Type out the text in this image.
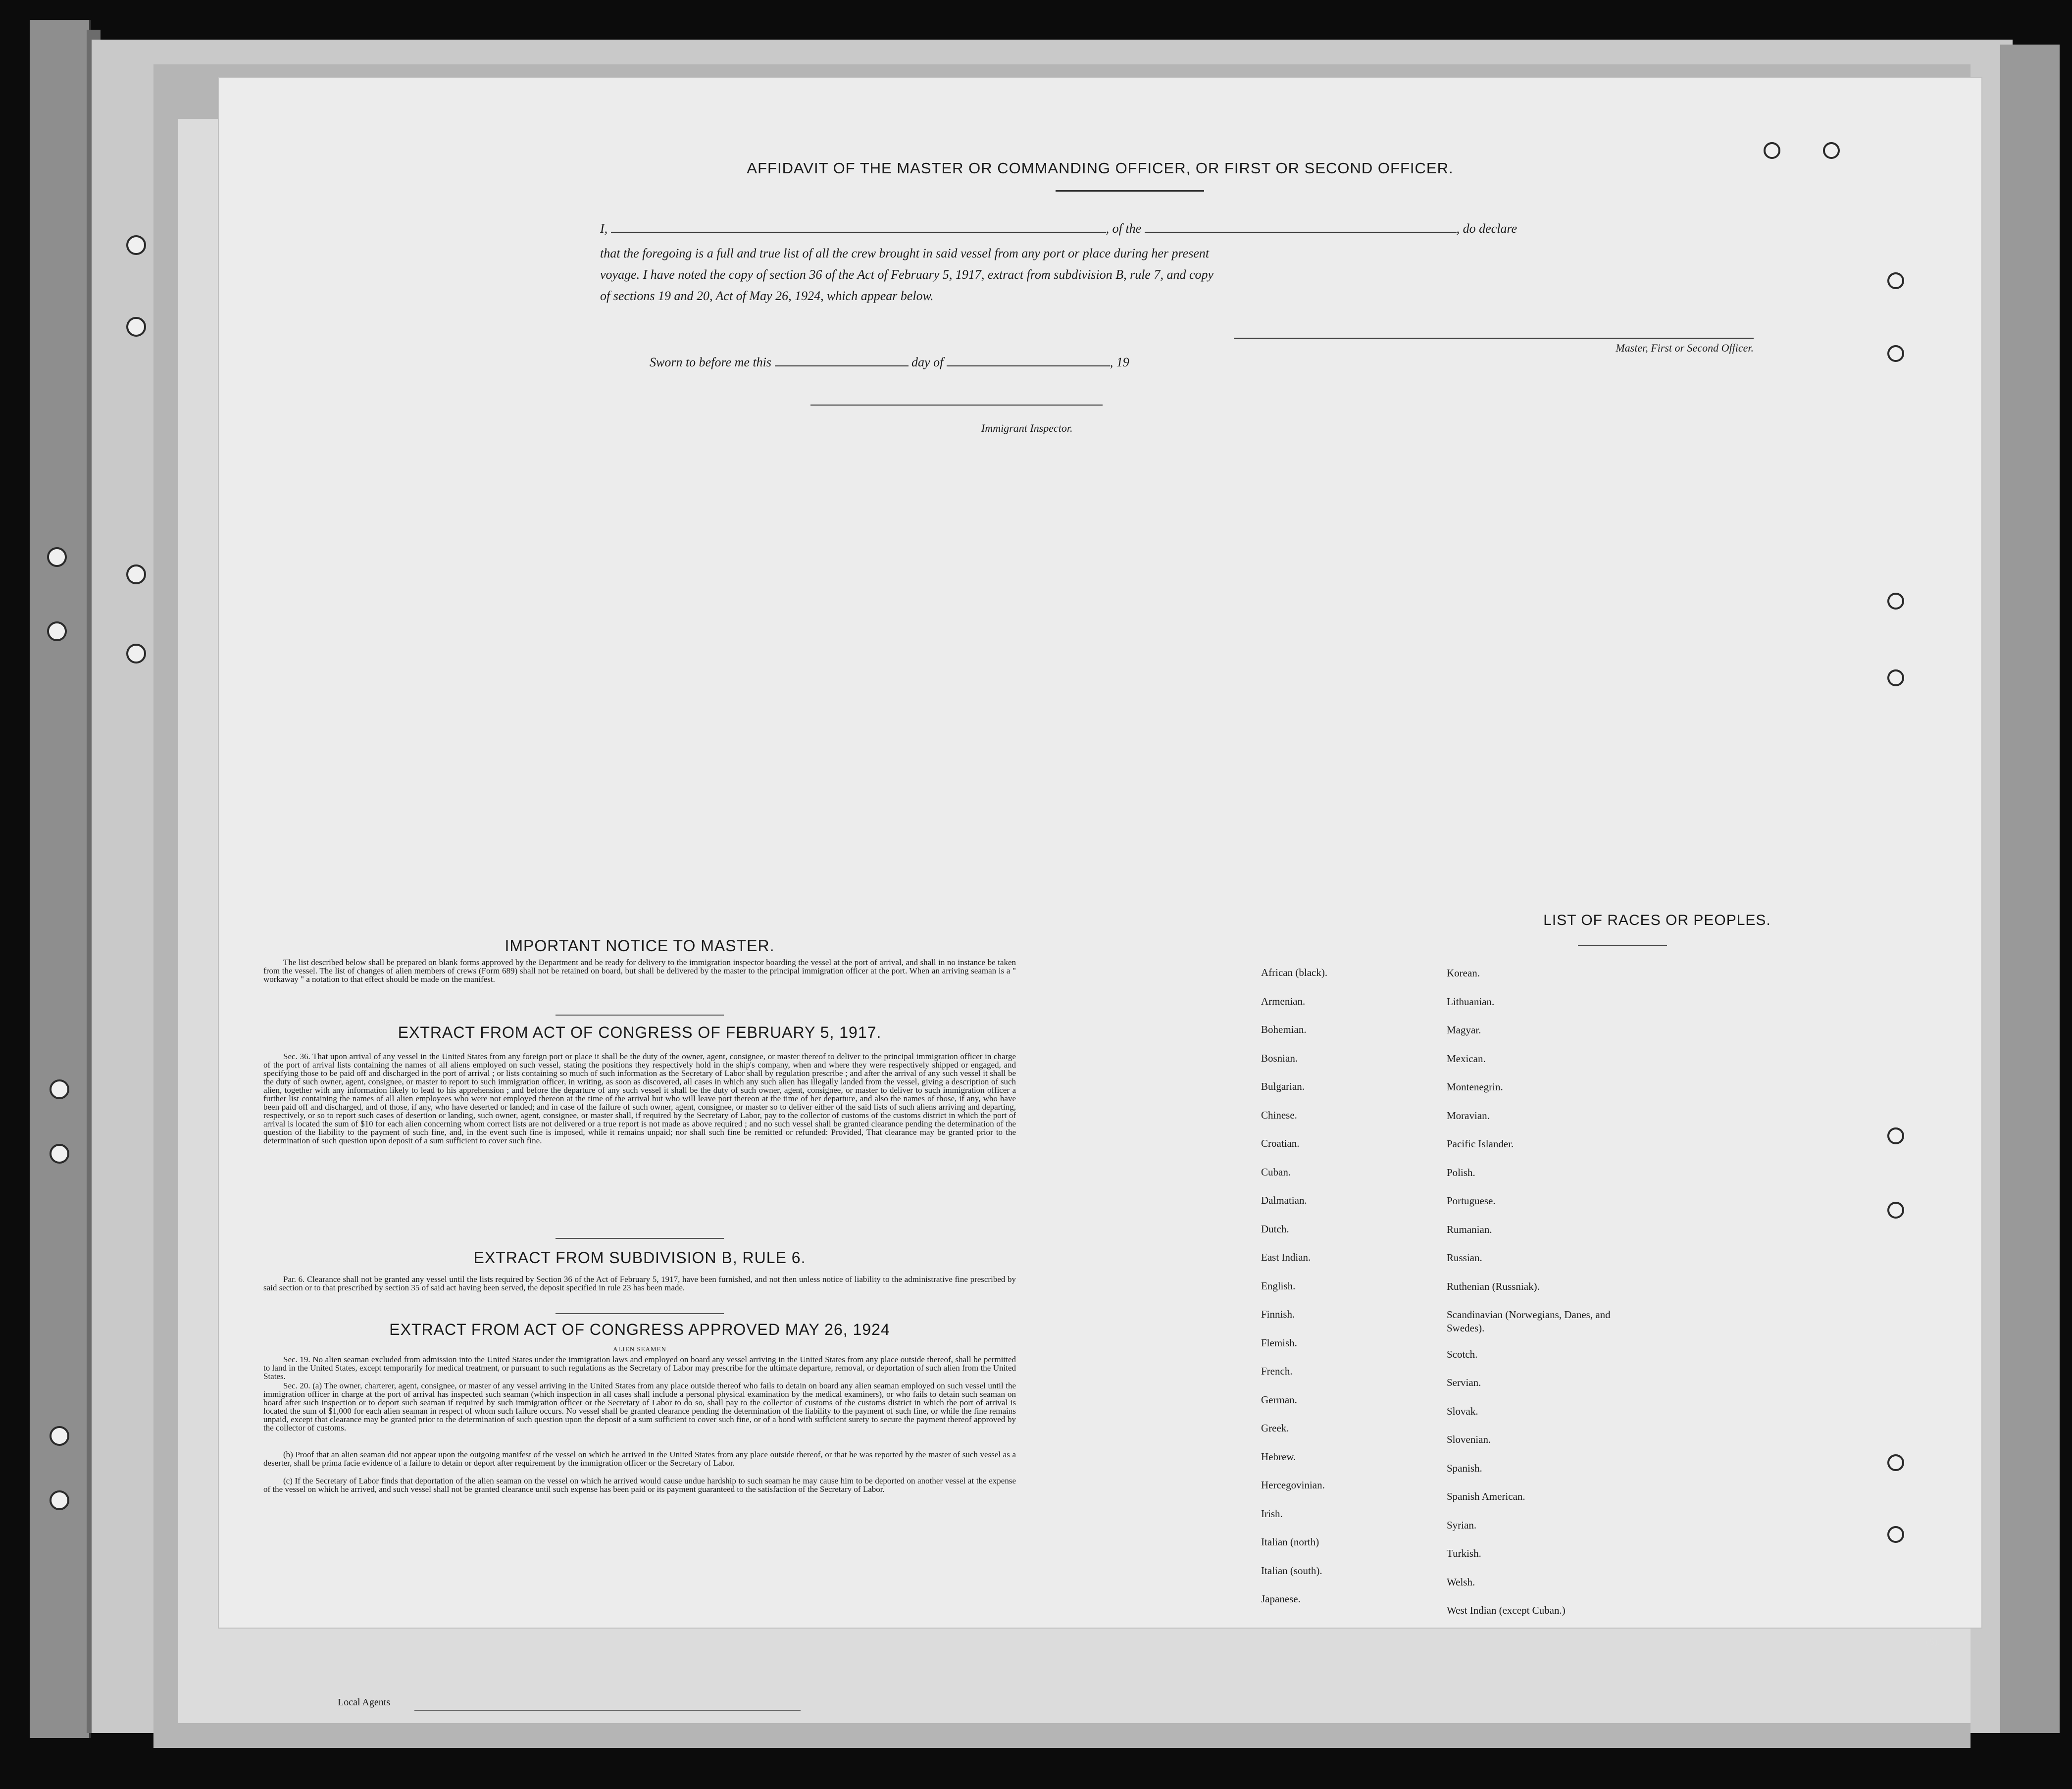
AFFIDAVIT OF THE MASTER OR COMMANDING OFFICER, OR FIRST OR SECOND OFFICER.
I,	, of the	, do declare
that the foregoing is a full and true list of all the crew brought in said vessel from any port or place during her present
voyage. I have noted the copy of section 36 of the Act of February 5, 1917, extract from subdivision B, rule 7, and copy
of sections 19 and 20, Act of May 26, 1924, which appear below.
Master, First or Second Officer.
Sworn to before me this	day of	, 19
Immigrant Inspector.
IMPORTANT NOTICE TO MASTER.
The list described below shall be prepared on blank forms approved by the Department and be ready for delivery to the immigration inspector boarding the vessel at the port of arrival, and shall in no instance be taken from the vessel. The list of changes of alien members of crews (Form 689) shall not be retained on board, but shall be delivered by the master to the principal immigration officer at the port. When an arriving seaman is a " workaway " a notation to that effect should be made on the manifest.
EXTRACT FROM ACT OF CONGRESS OF FEBRUARY 5, 1917.
Sec. 36. That upon arrival of any vessel in the United States from any foreign port or place it shall be the duty of the owner, agent, consignee, or master thereof to deliver to the principal immigration officer in charge of the port of arrival lists containing the names of all aliens employed on such vessel, stating the positions they respectively hold in the ship's company, when and where they were respectively shipped or engaged, and specifying those to be paid off and discharged in the port of arrival ; or lists containing so much of such information as the Secretary of Labor shall by regulation prescribe ; and after the arrival of any such vessel it shall be the duty of such owner, agent, consignee, or master to report to such immigration officer, in writing, as soon as discovered, all cases in which any such alien has illegally landed from the vessel, giving a description of such alien, together with any information likely to lead to his apprehension ; and before the departure of any such vessel it shall be the duty of such owner, agent, consignee, or master to deliver to such immigration officer a further list containing the names of all alien employees who were not employed thereon at the time of the arrival but who will leave port thereon at the time of her departure, and also the names of those, if any, who have been paid off and discharged, and of those, if any, who have deserted or landed; and in case of the failure of such owner, agent, consignee, or master so to deliver either of the said lists of such aliens arriving and departing, respectively, or so to report such cases of desertion or landing, such owner, agent, consignee, or master shall, if required by the Secretary of Labor, pay to the collector of customs of the customs district in which the port of arrival is located the sum of $10 for each alien concerning whom correct lists are not delivered or a true report is not made as above required ; and no such vessel shall be granted clearance pending the determination of the question of the liability to the payment of such fine, and, in the event such fine is imposed, while it remains unpaid; nor shall such fine be remitted or refunded: Provided, That clearance may be granted prior to the determination of such question upon deposit of a sum sufficient to cover such fine.
EXTRACT FROM SUBDIVISION B, RULE 6.
Par. 6. Clearance shall not be granted any vessel until the lists required by Section 36 of the Act of February 5, 1917, have been furnished, and not then unless notice of liability to the administrative fine prescribed by said section or to that prescribed by section 35 of said act having been served, the deposit specified in rule 23 has been made.
EXTRACT FROM ACT OF CONGRESS APPROVED MAY 26, 1924
ALIEN SEAMEN
Sec. 19. No alien seaman excluded from admission into the United States under the immigration laws and employed on board any vessel arriving in the United States from any place outside thereof, shall be permitted to land in the United States, except temporarily for medical treatment, or pursuant to such regulations as the Secretary of Labor may prescribe for the ultimate departure, removal, or deportation of such alien from the United States.
Sec. 20. (a) The owner, charterer, agent, consignee, or master of any vessel arriving in the United States from any place outside thereof who fails to detain on board any alien seaman employed on such vessel until the immigration officer in charge at the port of arrival has inspected such seaman (which inspection in all cases shall include a personal physical examination by the medical examiners), or who fails to detain such seaman on board after such inspection or to deport such seaman if required by such immigration officer or the Secretary of Labor to do so, shall pay to the collector of customs of the customs district in which the port of arrival is located the sum of $1,000 for each alien seaman in respect of whom such failure occurs. No vessel shall be granted clearance pending the determination of the liability to the payment of such fine, or while the fine remains unpaid, except that clearance may be granted prior to the determination of such question upon the deposit of a sum sufficient to cover such fine, or of a bond with sufficient surety to secure the payment thereof approved by the collector of customs.
(b) Proof that an alien seaman did not appear upon the outgoing manifest of the vessel on which he arrived in the United States from any place outside thereof, or that he was reported by the master of such vessel as a deserter, shall be prima facie evidence of a failure to detain or deport after requirement by the immigration officer or the Secretary of Labor.
(c) If the Secretary of Labor finds that deportation of the alien seaman on the vessel on which he arrived would cause undue hardship to such seaman he may cause him to be deported on another vessel at the expense of the vessel on which he arrived, and such vessel shall not be granted clearance until such expense has been paid or its payment guaranteed to the satisfaction of the Secretary of Labor.
LIST OF RACES OR PEOPLES.
Local Agents
African (black).
Armenian.
Bohemian.
Bosnian.
Bulgarian.
Chinese.
Croatian.
Cuban.
Dalmatian.
Dutch.
East Indian.
English.
Finnish.
Flemish.
French.
German.
Greek.
Hebrew.
Hercegovinian.
Irish.
Italian (north)
Italian (south).
Japanese.
Korean.
Lithuanian.
Magyar.
Mexican.
Montenegrin.
Moravian.
Pacific Islander.
Polish.
Portuguese.
Rumanian.
Russian.
Ruthenian (Russniak).
Scandinavian (Norwegians, Danes, and Swedes).
Scotch.
Servian.
Slovak.
Slovenian.
Spanish.
Spanish American.
Syrian.
Turkish.
Welsh.
West Indian (except Cuban.)
(8).
